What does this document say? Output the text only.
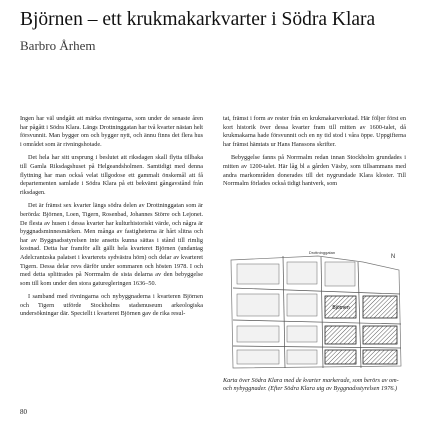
Björnen – ett krukmakarkvarter i Södra Klara
Barbro Århem

Ingen har väl undgått att märka rivningarna, som under de senaste åren har pågått i Södra Klara. Längs Drottninggatan har två kvarter nästan helt försvunnit. Man bygger om och bygger nytt, och ännu finns det flera hus i området som är rivningshotade.

Det hela har sitt ursprung i beslutet att riksdagen skall flytta tillbaka till Gamla Riksdagshuset på Helgeandsholmen. Samtidigt med denna flyttning har man också velat tillgodose ett gammalt önskemål att få departementen samlade i Södra Klara på ett bekvämt gångavstånd från riksdagen.

Det är främst sex kvarter längs södra delen av Drottninggatan som är berörda: Björnen, Loen, Tigern, Rosenbad, Johannes Större och Lejonet. De flesta av husen i dessa kvarter har kulturhistoriskt värde, och några är byggnadsminnesmärken. Men många av fastigheterna är hårt slitna och har av Byggnadsstyrelsen inte ansetts kunna sättas i stånd till rimlig kostnad. Detta har framför allt gällt hela kvarteret Björnen (undantag Adelcrantzska palatset i kvarterets sydvästra hörn) och delar av kvarteret Tigern. Dessa delar revs därför under sommaren och hösten 1978. I och med detta splittrades på Norrmalm de sista delarna av den bebyggelse som till kom under den stora gaturegleringen 1636–50.

I samband med rivningarna och nybyggnaderna i kvarteren Björnen och Tigern utförde Stockholms stadsmuseum arkeologiska undersökningar där. Speciellt i kvarteret Björnen gav de rika resul-

tat, främst i form av rester från en krukmakarverkstad. Här följer först en kort historik över dessa kvarter fram till mitten av 1600-talet, då krukmakarna hade försvunnit och en ny tid stod i våra öppe. Uppgifterna har främst hämtats ur Hans Hanssons skrifter.

Bebyggelse fanns på Norrmalm redan innan Stockholm grundades i mitten av 1200-talet. Här låg bl a gården Väsby, som tillsammans med andra markområden donerades till det nygrundade Klara kloster. Till Norrmalm förlades också tidigt hantverk, som

Björnen
Drottninggatan
N
Karta över Södra Klara med de kvarter markerade, som berörs av om- och nybyggnader. (Efter Södra Klara utg av Byggnadsstyrelsen 1976.)
80
